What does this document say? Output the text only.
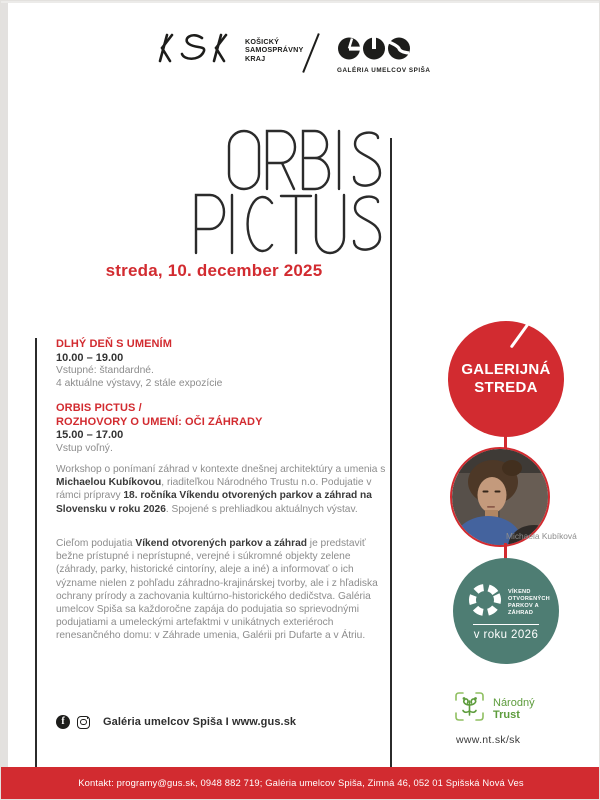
KOŠICKÝ
SAMOSPRÁVNY
KRAJ
GALÉRIA UMELCOV SPIŠA
streda, 10. december 2025
DLHÝ DEŇ S UMENÍM
10.00 – 19.00
Vstupné: štandardné.
4 aktuálne výstavy, 2 stále expozície
ORBIS PICTUS /
ROZHOVORY O UMENÍ: OČI ZÁHRADY
15.00 – 17.00
Vstup voľný.
Workshop o ponímaní záhrad v kontexte dnešnej architektúry a umenia s Michaelou Kubíkovou, riaditeľkou Národného Trustu n.o. Podujatie v rámci prípravy 18. ročníka Víkendu otvorených parkov a záhrad na Slovensku v roku 2026. Spojené s prehliadkou aktuálnych výstav.
Cieľom podujatia Víkend otvorených parkov a záhrad je predstaviť bežne prístupné i neprístupné, verejné i súkromné objekty zelene (záhrady, parky, historické cintoríny, aleje a iné) a informovať o ich význame nielen z pohľadu záhradno-krajinárskej tvorby, ale i z hľadiska ochrany prírody a zachovania kultúrno-historického dedičstva. Galéria umelcov Spiša sa každoročne zapája do podujatia so sprievodnými podujatiami a umeleckými artefaktmi v unikátnych exteriéroch renesančného domu: v Záhrade umenia, Galérii pri Dufarte a v Átriu.
f	Galéria umelcov Spiša I www.gus.sk
GALERIJNÁ
STREDA
Michaela Kubíková
VÍKEND
OTVORENÝCH
PARKOV A ZÁHRAD
v roku 2026
Národný
Trust
www.nt.sk/sk
Kontakt: programy@gus.sk, 0948 882 719; Galéria umelcov Spiša, Zimná 46, 052 01 Spišská Nová Ves
